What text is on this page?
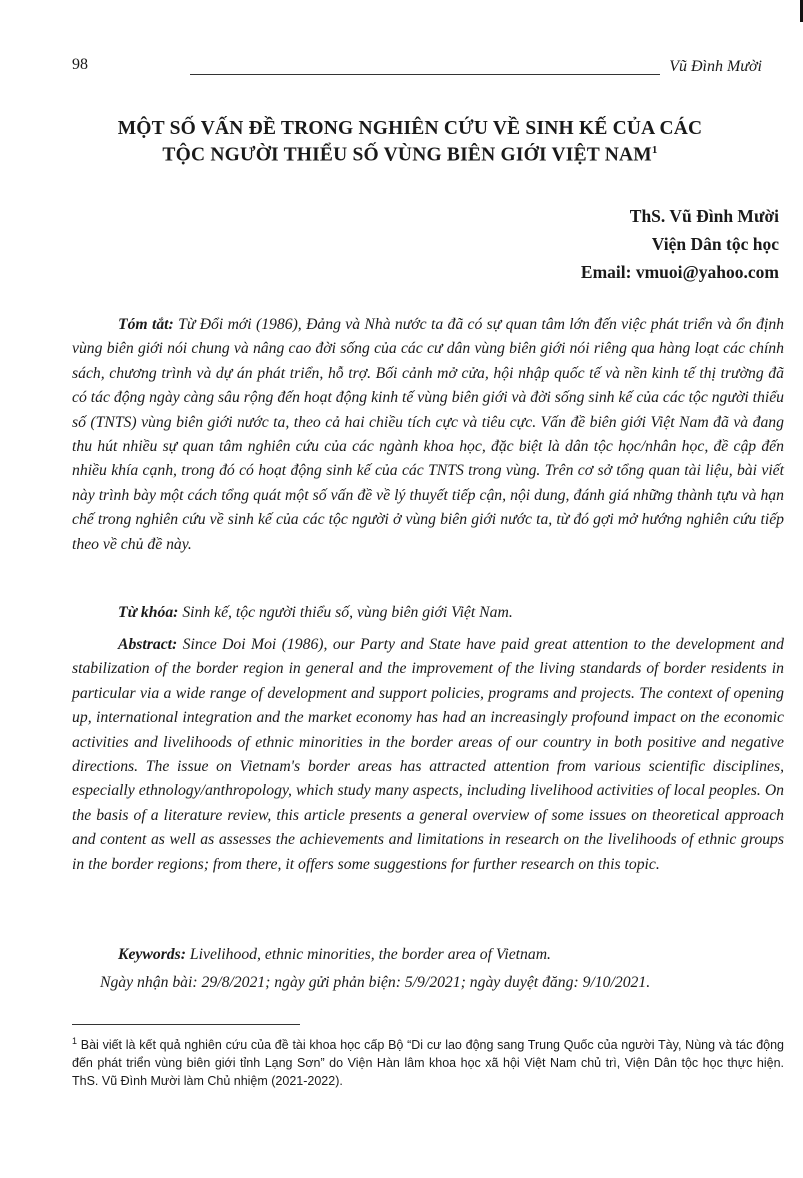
98	Vũ Đình Mười
MỘT SỐ VẤN ĐỀ TRONG NGHIÊN CỨU VỀ SINH KẾ CỦA CÁC
TỘC NGƯỜI THIỂU SỐ VÙNG BIÊN GIỚI VIỆT NAM$^1$
ThS. Vũ Đình Mười
Viện Dân tộc học
Email: vmuoi@yahoo.com

Tóm tắt: Từ Đổi mới (1986), Đảng và Nhà nước ta đã có sự quan tâm lớn đến việc phát triển và ổn định vùng biên giới nói chung và nâng cao đời sống của các cư dân vùng biên giới nói riêng qua hàng loạt các chính sách, chương trình và dự án phát triển, hỗ trợ. Bối cảnh mở cửa, hội nhập quốc tế và nền kinh tế thị trường đã có tác động ngày càng sâu rộng đến hoạt động kinh tế vùng biên giới và đời sống sinh kế của các tộc người thiểu số (TNTS) vùng biên giới nước ta, theo cả hai chiều tích cực và tiêu cực. Vấn đề biên giới Việt Nam đã và đang thu hút nhiều sự quan tâm nghiên cứu của các ngành khoa học, đặc biệt là dân tộc học/nhân học, đề cập đến nhiều khía cạnh, trong đó có hoạt động sinh kế của các TNTS trong vùng. Trên cơ sở tổng quan tài liệu, bài viết này trình bày một cách tổng quát một số vấn đề về lý thuyết tiếp cận, nội dung, đánh giá những thành tựu và hạn chế trong nghiên cứu về sinh kế của các tộc người ở vùng biên giới nước ta, từ đó gợi mở hướng nghiên cứu tiếp theo về chủ đề này.

Từ khóa: Sinh kế, tộc người thiểu số, vùng biên giới Việt Nam.

Abstract: Since Doi Moi (1986), our Party and State have paid great attention to the development and stabilization of the border region in general and the improvement of the living standards of border residents in particular via a wide range of development and support policies, programs and projects. The context of opening up, international integration and the market economy has had an increasingly profound impact on the economic activities and livelihoods of ethnic minorities in the border areas of our country in both positive and negative directions. The issue on Vietnam's border areas has attracted attention from various scientific disciplines, especially ethnology/anthropology, which study many aspects, including livelihood activities of local peoples. On the basis of a literature review, this article presents a general overview of some issues on theoretical approach and content as well as assesses the achievements and limitations in research on the livelihoods of ethnic groups in the border regions; from there, it offers some suggestions for further research on this topic.

Keywords: Livelihood, ethnic minorities, the border area of Vietnam.

Ngày nhận bài: 29/8/2021; ngày gửi phản biện: 5/9/2021; ngày duyệt đăng: 9/10/2021.

$^1$ Bài viết là kết quả nghiên cứu của đề tài khoa học cấp Bộ “Di cư lao động sang Trung Quốc của người Tày, Nùng và tác động đến phát triển vùng biên giới tỉnh Lạng Sơn” do Viện Hàn lâm khoa học xã hội Việt Nam chủ trì, Viện Dân tộc học thực hiện. ThS. Vũ Đình Mười làm Chủ nhiệm (2021-2022).
